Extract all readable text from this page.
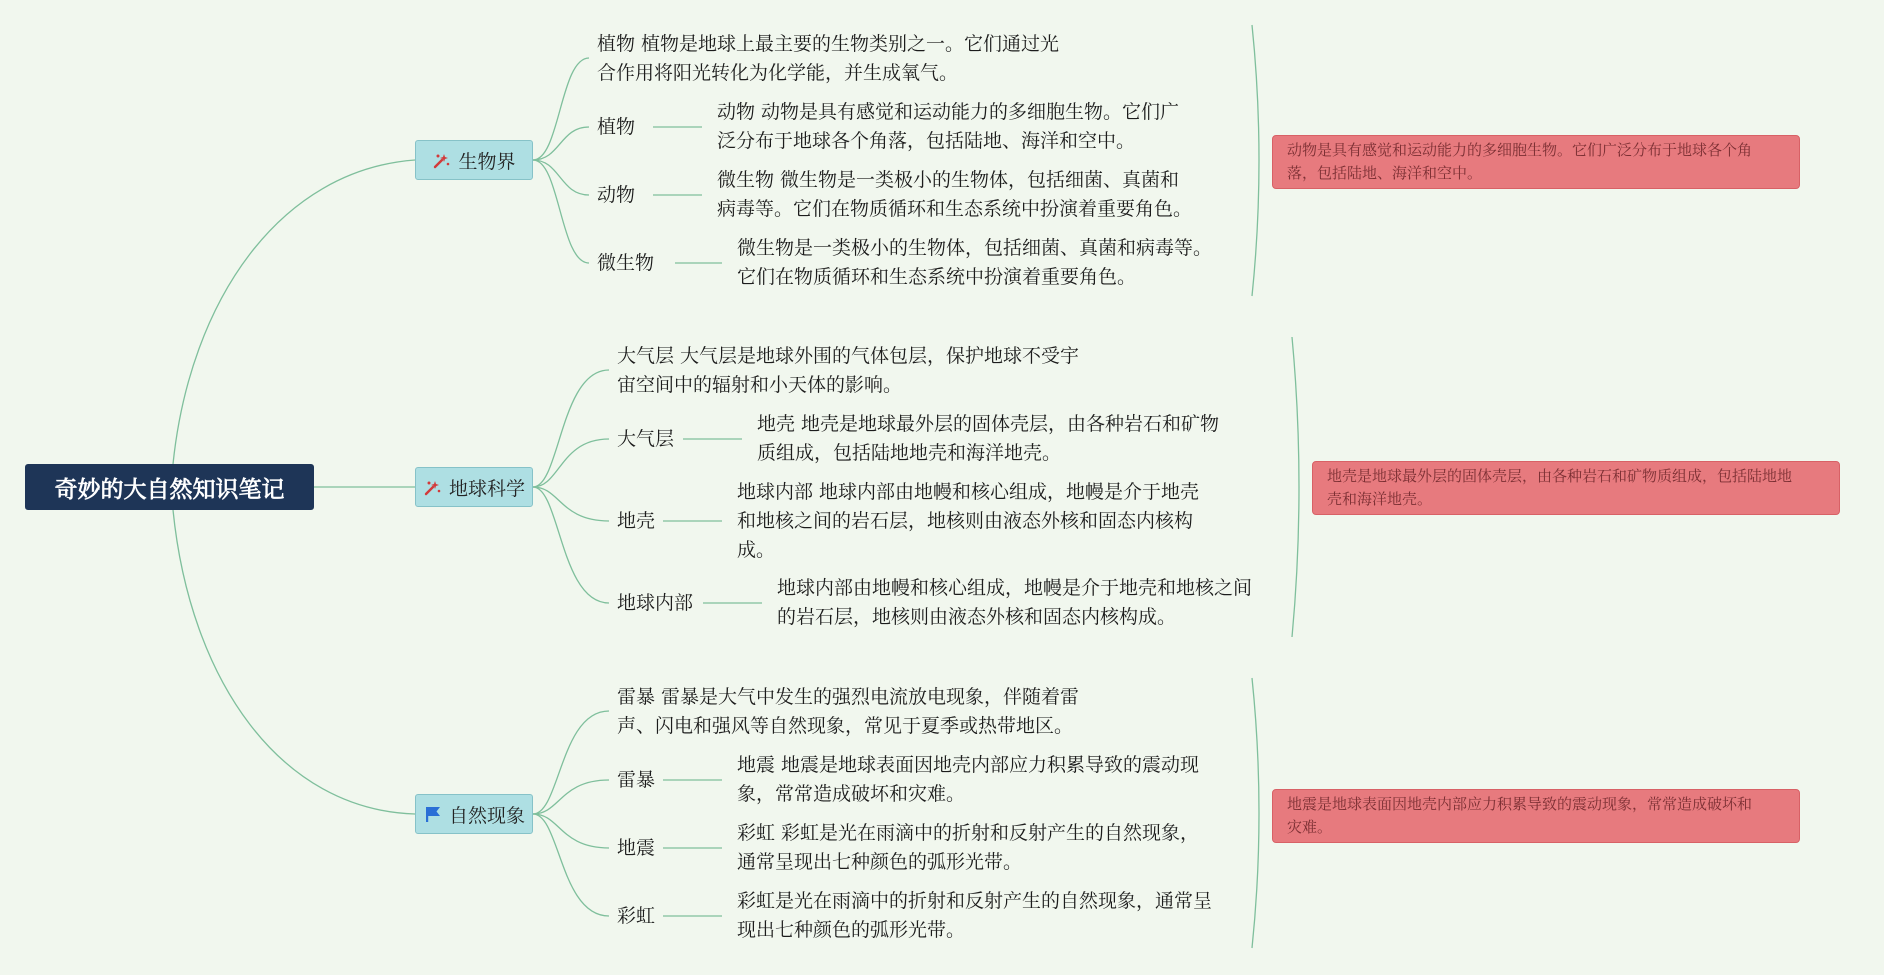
奇妙的大自然知识笔记
生物界
植物 植物是地球上最主要的生物类别之一。它们通过光
合作用将阳光转化为化学能，并生成氧气。
植物
动物 动物是具有感觉和运动能力的多细胞生物。它们广
泛分布于地球各个角落，包括陆地、海洋和空中。
动物
微生物 微生物是一类极小的生物体，包括细菌、真菌和
病毒等。它们在物质循环和生态系统中扮演着重要角色。
微生物
微生物是一类极小的生物体，包括细菌、真菌和病毒等。
它们在物质循环和生态系统中扮演着重要角色。
动物是具有感觉和运动能力的多细胞生物。它们广泛分布于地球各个角
落，包括陆地、海洋和空中。
地球科学
大气层 大气层是地球外围的气体包层，保护地球不受宇
宙空间中的辐射和小天体的影响。
大气层
地壳 地壳是地球最外层的固体壳层，由各种岩石和矿物
质组成，包括陆地地壳和海洋地壳。
地壳
地球内部 地球内部由地幔和核心组成，地幔是介于地壳
和地核之间的岩石层，地核则由液态外核和固态内核构
成。
地球内部
地球内部由地幔和核心组成，地幔是介于地壳和地核之间
的岩石层，地核则由液态外核和固态内核构成。
地壳是地球最外层的固体壳层，由各种岩石和矿物质组成，包括陆地地
壳和海洋地壳。
自然现象
雷暴 雷暴是大气中发生的强烈电流放电现象，伴随着雷
声、闪电和强风等自然现象，常见于夏季或热带地区。
雷暴
地震 地震是地球表面因地壳内部应力积累导致的震动现
象，常常造成破坏和灾难。
地震
彩虹 彩虹是光在雨滴中的折射和反射产生的自然现象，
通常呈现出七种颜色的弧形光带。
彩虹
彩虹是光在雨滴中的折射和反射产生的自然现象，通常呈
现出七种颜色的弧形光带。
地震是地球表面因地壳内部应力积累导致的震动现象，常常造成破坏和
灾难。
